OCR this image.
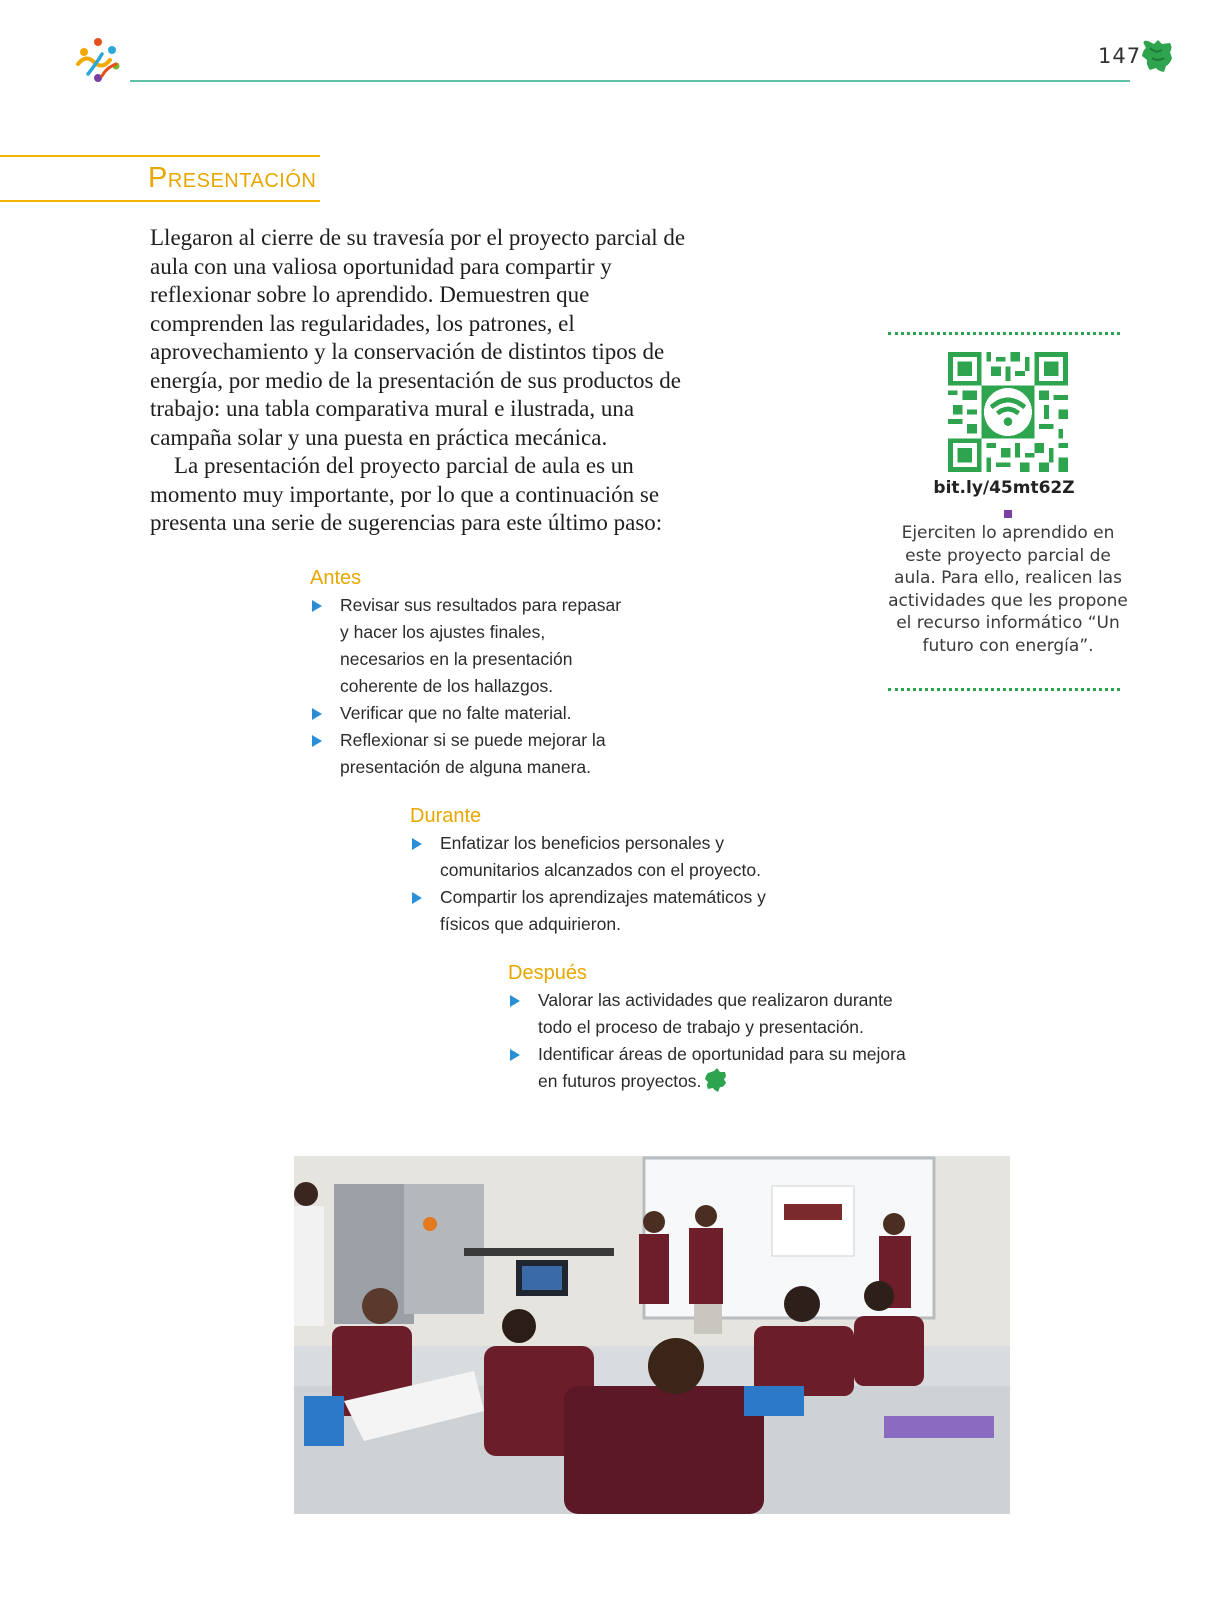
147
Presentación

Llegaron al cierre de su travesía por el proyecto parcial de aula con una valiosa oportunidad para compartir y reflexionar sobre lo aprendido. Demuestren que comprenden las regularidades, los patrones, el aprovechamiento y la conservación de distintos tipos de energía, por medio de la presentación de sus productos de trabajo: una tabla comparativa mural e ilustrada, una campaña solar y una puesta en práctica mecánica.

La presentación del proyecto parcial de aula es un momento muy importante, por lo que a continuación se presenta una serie de sugerencias para este último paso:

Antes
Revisar sus resultados para repasar y hacer los ajustes finales, necesarios en la presentación coherente de los hallazgos.
Verificar que no falte material.
Reflexionar si se puede mejorar la presentación de alguna manera.
Durante
Enfatizar los beneficios personales y comunitarios alcanzados con el proyecto.
Compartir los aprendizajes matemáticos y físicos que adquirieron.
Después
Valorar las actividades que realizaron durante todo el proceso de trabajo y presentación.
Identificar áreas de oportunidad para su mejora en futuros proyectos.
bit.ly/45mt62Z
Ejerciten lo aprendido en este proyecto parcial de aula. Para ello, realicen las actividades que les propone el recurso informático “Un futuro con energía”.
